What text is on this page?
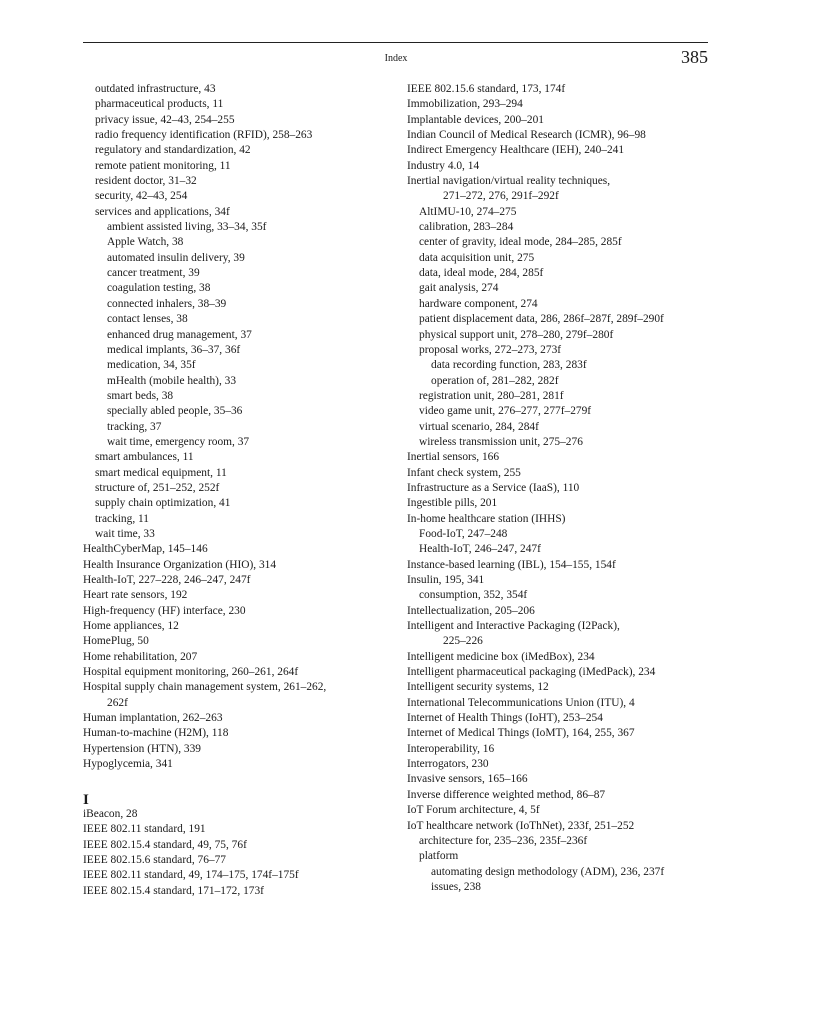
Index	385
outdated infrastructure, 43
pharmaceutical products, 11
privacy issue, 42–43, 254–255
radio frequency identification (RFID), 258–263
regulatory and standardization, 42
remote patient monitoring, 11
resident doctor, 31–32
security, 42–43, 254
services and applications, 34f
ambient assisted living, 33–34, 35f
Apple Watch, 38
automated insulin delivery, 39
cancer treatment, 39
coagulation testing, 38
connected inhalers, 38–39
contact lenses, 38
enhanced drug management, 37
medical implants, 36–37, 36f
medication, 34, 35f
mHealth (mobile health), 33
smart beds, 38
specially abled people, 35–36
tracking, 37
wait time, emergency room, 37
smart ambulances, 11
smart medical equipment, 11
structure of, 251–252, 252f
supply chain optimization, 41
tracking, 11
wait time, 33
HealthCyberMap, 145–146
Health Insurance Organization (HIO), 314
Health-IoT, 227–228, 246–247, 247f
Heart rate sensors, 192
High-frequency (HF) interface, 230
Home appliances, 12
HomePlug, 50
Home rehabilitation, 207
Hospital equipment monitoring, 260–261, 264f
Hospital supply chain management system, 261–262,
262f
Human implantation, 262–263
Human-to-machine (H2M), 118
Hypertension (HTN), 339
Hypoglycemia, 341
I
iBeacon, 28
IEEE 802.11 standard, 191
IEEE 802.15.4 standard, 49, 75, 76f
IEEE 802.15.6 standard, 76–77
IEEE 802.11 standard, 49, 174–175, 174f–175f
IEEE 802.15.4 standard, 171–172, 173f
IEEE 802.15.6 standard, 173, 174f
Immobilization, 293–294
Implantable devices, 200–201
Indian Council of Medical Research (ICMR), 96–98
Indirect Emergency Healthcare (IEH), 240–241
Industry 4.0, 14
Inertial navigation/virtual reality techniques,
271–272, 276, 291f–292f
AltIMU-10, 274–275
calibration, 283–284
center of gravity, ideal mode, 284–285, 285f
data acquisition unit, 275
data, ideal mode, 284, 285f
gait analysis, 274
hardware component, 274
patient displacement data, 286, 286f–287f, 289f–290f
physical support unit, 278–280, 279f–280f
proposal works, 272–273, 273f
data recording function, 283, 283f
operation of, 281–282, 282f
registration unit, 280–281, 281f
video game unit, 276–277, 277f–279f
virtual scenario, 284, 284f
wireless transmission unit, 275–276
Inertial sensors, 166
Infant check system, 255
Infrastructure as a Service (IaaS), 110
Ingestible pills, 201
In-home healthcare station (IHHS)
Food-IoT, 247–248
Health-IoT, 246–247, 247f
Instance-based learning (IBL), 154–155, 154f
Insulin, 195, 341
consumption, 352, 354f
Intellectualization, 205–206
Intelligent and Interactive Packaging (I2Pack),
225–226
Intelligent medicine box (iMedBox), 234
Intelligent pharmaceutical packaging (iMedPack), 234
Intelligent security systems, 12
International Telecommunications Union (ITU), 4
Internet of Health Things (IoHT), 253–254
Internet of Medical Things (IoMT), 164, 255, 367
Interoperability, 16
Interrogators, 230
Invasive sensors, 165–166
Inverse difference weighted method, 86–87
IoT Forum architecture, 4, 5f
IoT healthcare network (IoThNet), 233f, 251–252
architecture for, 235–236, 235f–236f
platform
automating design methodology (ADM), 236, 237f
issues, 238
